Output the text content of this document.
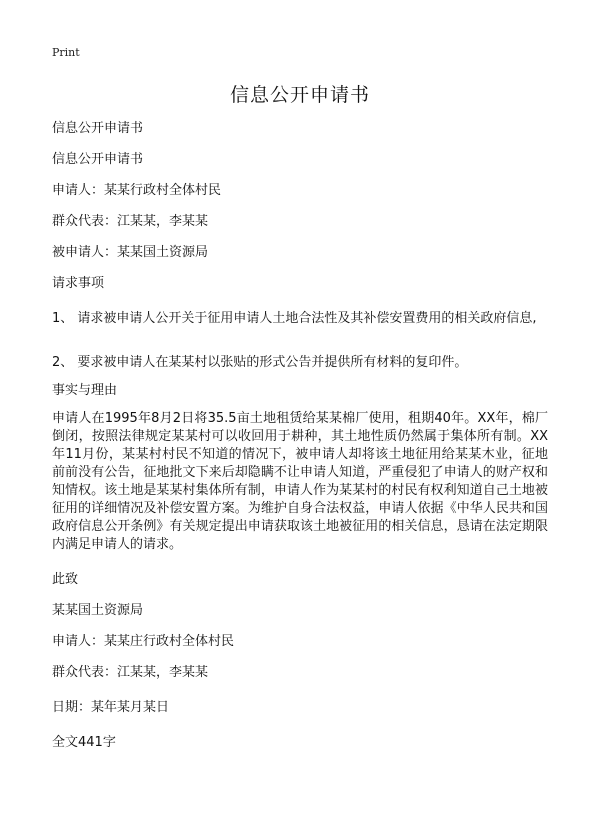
Print
信息公开申请书
信息公开申请书
信息公开申请书
申请人：某某行政村全体村民
群众代表：江某某，李某某
被申请人：某某国土资源局
请求事项
1、 请求被申请人公开关于征用申请人土地合法性及其补偿安置费用的相关政府信息,
2、 要求被申请人在某某村以张贴的形式公告并提供所有材料的复印件。
事实与理由
申请人在1995年8月2日将35.5亩土地租赁给某某棉厂使用，租期40年。XX年，棉厂倒闭，按照法律规定某某村可以收回用于耕种，其土地性质仍然属于集体所有制。XX年11月份，某某村村民不知道的情况下，被申请人却将该土地征用给某某木业，征地前前没有公告，征地批文下来后却隐瞒不让申请人知道，严重侵犯了申请人的财产权和知情权。该土地是某某村集体所有制，申请人作为某某村的村民有权利知道自己土地被征用的详细情况及补偿安置方案。为维护自身合法权益，申请人依据《中华人民共和国政府信息公开条例》有关规定提出申请获取该土地被征用的相关信息，恳请在法定期限内满足申请人的请求。
此致
某某国土资源局
申请人：某某庄行政村全体村民
群众代表：江某某，李某某
日期：某年某月某日
全文441字
